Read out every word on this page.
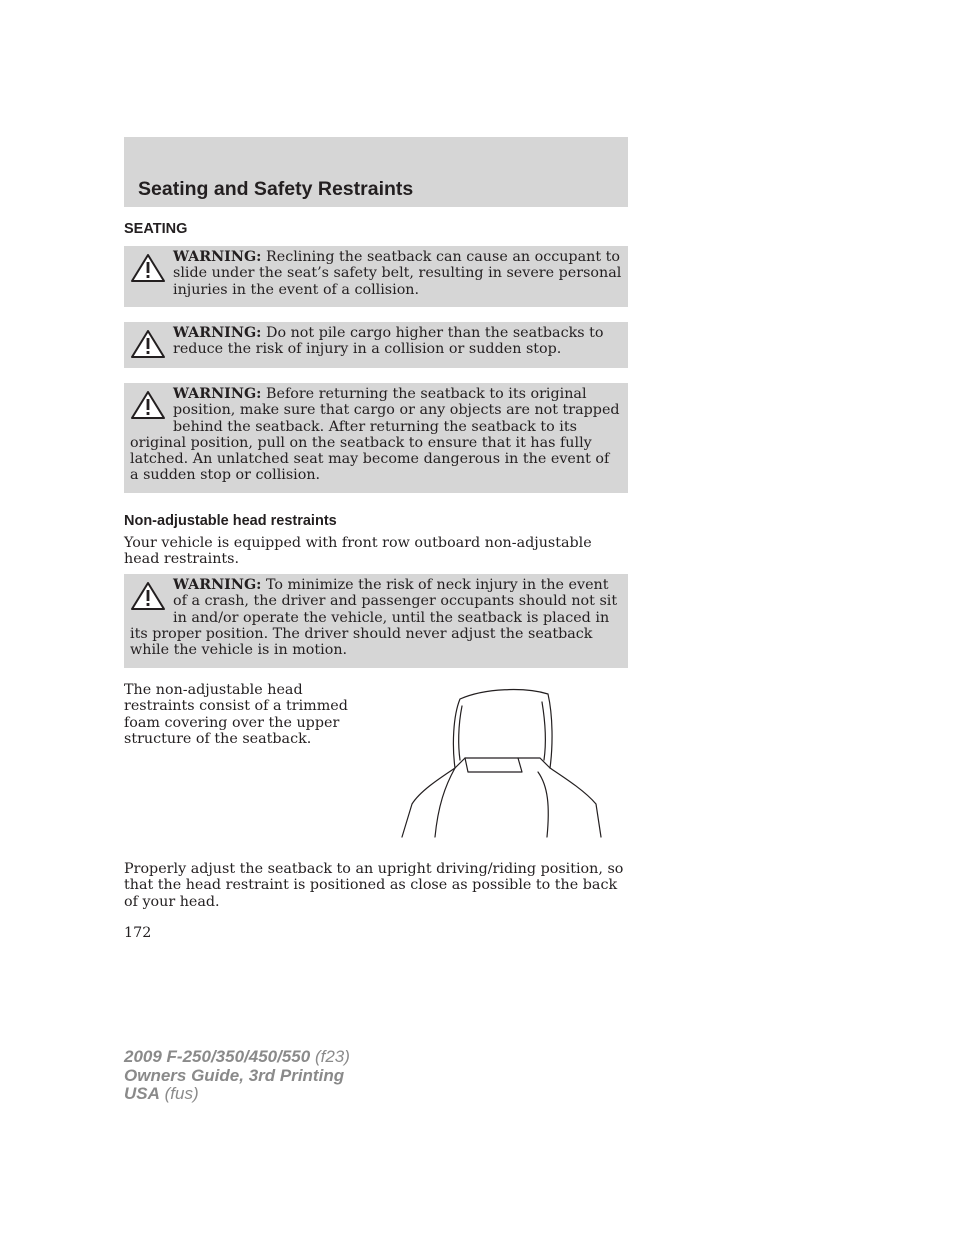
Seating and Safety Restraints
SEATING
WARNING: Reclining the seatback can cause an occupant to slide under the seat’s safety belt, resulting in severe personal injuries in the event of a collision.
WARNING: Do not pile cargo higher than the seatbacks to reduce the risk of injury in a collision or sudden stop.
WARNING: Before returning the seatback to its original position, make sure that cargo or any objects are not trapped behind the seatback. After returning the seatback to its original position, pull on the seatback to ensure that it has fully latched. An unlatched seat may become dangerous in the event of a sudden stop or collision.
Non-adjustable head restraints

Your vehicle is equipped with front row outboard non-adjustable head restraints.

WARNING: To minimize the risk of neck injury in the event of a crash, the driver and passenger occupants should not sit in and/or operate the vehicle, until the seatback is placed in its proper position. The driver should never adjust the seatback while the vehicle is in motion.

The non-adjustable head restraints consist of a trimmed foam covering over the upper structure of the seatback.

Properly adjust the seatback to an upright driving/riding position, so that the head restraint is positioned as close as possible to the back of your head.

172
2009 F-250/350/450/550 (f23)
Owners Guide, 3rd Printing
USA (fus)
